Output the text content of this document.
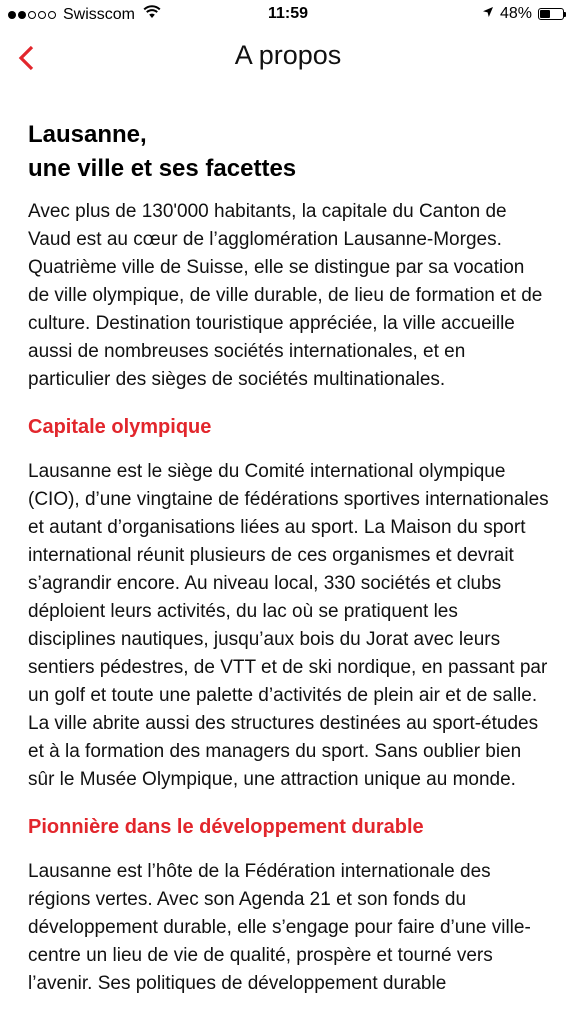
Swisscom	11:59	48%
A propos
Lausanne,
une ville et ses facettes

Avec plus de 130'000 habitants, la capitale du Canton de Vaud est au cœur de l’agglomération Lausanne-Morges. Quatrième ville de Suisse, elle se distingue par sa vocation de ville olympique, de ville durable, de lieu de formation et de culture. Destination touristique appréciée, la ville accueille aussi de nombreuses sociétés internationales, et en particulier des sièges de sociétés multinationales.

Capitale olympique

Lausanne est le siège du Comité international olympique (CIO), d’une vingtaine de fédérations sportives internationales et autant d’organisations liées au sport. La Maison du sport international réunit plusieurs de ces organismes et devrait s’agrandir encore. Au niveau local, 330 sociétés et clubs déploient leurs activités, du lac où se pratiquent les disciplines nautiques, jusqu’aux bois du Jorat avec leurs sentiers pédestres, de VTT et de ski nordique, en passant par un golf et toute une palette d’activités de plein air et de salle. La ville abrite aussi des structures destinées au sport-études et à la formation des managers du sport. Sans oublier bien sûr le Musée Olympique, une attraction unique au monde.

Pionnière dans le développement durable

Lausanne est l’hôte de la Fédération internationale des régions vertes. Avec son Agenda 21 et son fonds du développement durable, elle s’engage pour faire d’une ville-centre un lieu de vie de qualité, prospère et tourné vers l’avenir. Ses politiques de développement durable
